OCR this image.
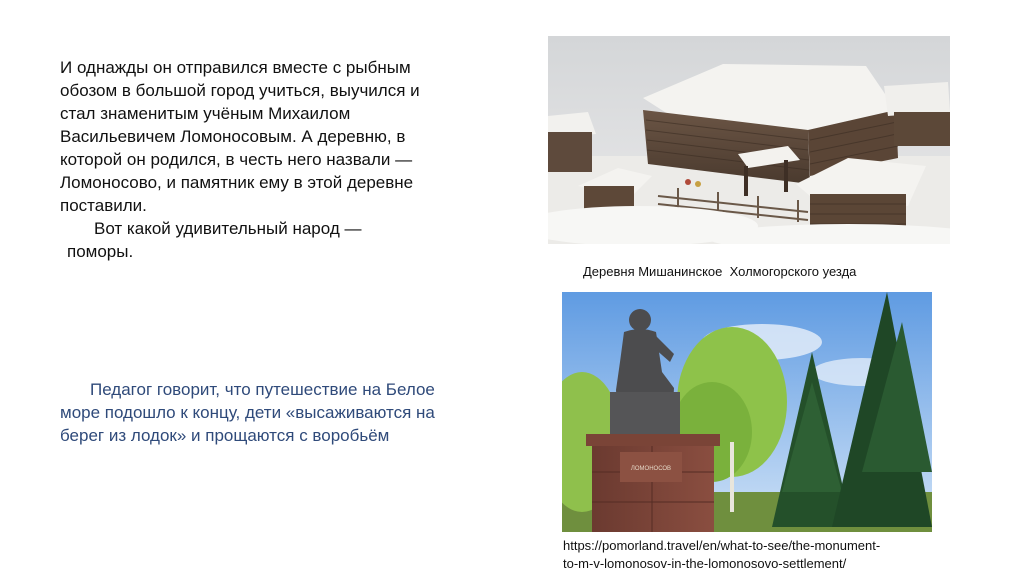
И однажды он отправился вместе с рыбным
обозом в большой город учиться, выучился и
стал знаменитым учёным Михаилом
Васильевичем Ломоносовым. А деревню, в
которой он родился, в честь него назвали —
Ломоносово, и памятник ему в этой деревне
поставили.
Вот какой удивительный народ —
поморы.
Педагог говорит, что путешествие на Белое
море подошло к концу, дети «высаживаются на
берег из лодок» и прощаются с воробьём
Деревня Мишанинское  Холмогорского уезда
ЛОМОНОСОВ
https://pomorland.travel/en/what-to-see/the-monument-
to-m-v-lomonosov-in-the-lomonosovo-settlement/
